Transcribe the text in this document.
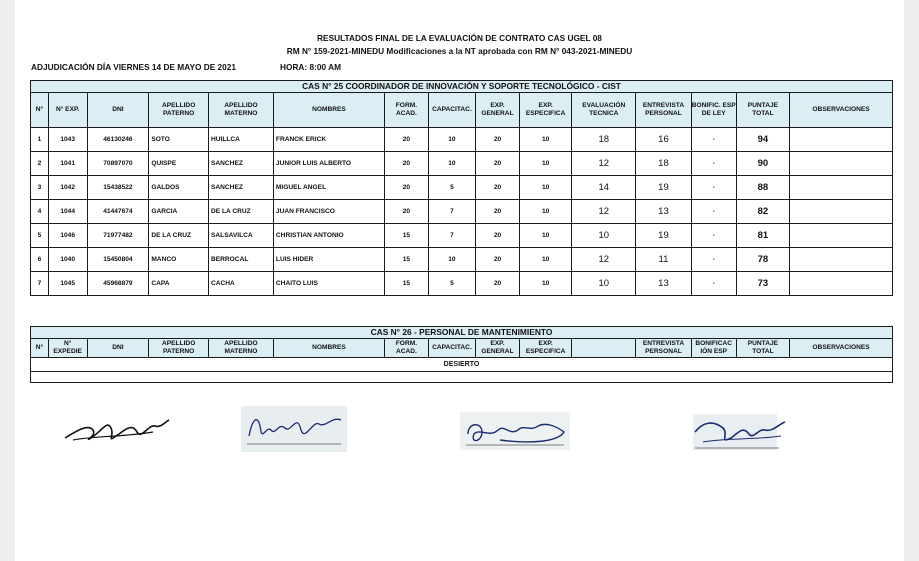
RESULTADOS FINAL DE LA EVALUACIÓN DE CONTRATO CAS UGEL 08
RM N° 159-2021-MINEDU Modificaciones a la NT aprobada con RM N° 043-2021-MINEDU
ADJUDICACIÓN DÍA VIERNES 14 DE MAYO DE 2021	HORA: 8:00 AM
CAS N° 25 COORDINADOR DE INNOVACIÓN Y SOPORTE TECNOLÓGICO - CIST														
N°	N° EXP.	DNI	APELLIDO PATERNO	APELLIDO MATERNO	NOMBRES	FORM. ACAD.	CAPACITAC.	EXP. GENERAL	EXP. ESPECIFICA	EVALUACIÓN TECNICA	ENTREVISTA PERSONAL	BONIFIC. ESP DE LEY	PUNTAJE TOTAL	OBSERVACIONES
1	1043	46130246	SOTO	HUILLCA	FRANCK ERICK	20	10	20	10	18	16	-	94	
2	1041	70897070	QUISPE	SANCHEZ	JUNIOR LUIS ALBERTO	20	10	20	10	12	18	-	90	
3	1042	15438522	GALDOS	SANCHEZ	MIGUEL ANGEL	20	5	20	10	14	19	-	88	
4	1044	41447674	GARCIA	DE LA CRUZ	JUAN FRANCISCO	20	7	20	10	12	13	-	82	
5	1046	71977482	DE LA CRUZ	SALSAVILCA	CHRISTIAN ANTONIO	15	7	20	10	10	19	-	81	
6	1040	15450804	MANCO	BERROCAL	LUIS HIDER	15	10	20	10	12	11	-	78	
7	1045	45968879	CAPA	CACHA	CHAITO LUIS	15	5	20	10	10	13	-	73	
CAS N° 26 - PERSONAL DE MANTENIMIENTO
N°	N° EXPEDIE	DNI	APELLIDO PATERNO	APELLIDO MATERNO	NOMBRES	FORM. ACAD.	CAPACITAC.	EXP. GENERAL	EXP. ESPECIFICA		ENTREVISTA PERSONAL	BONIFICAC IÓN ESP	PUNTAJE TOTAL	OBSERVACIONES
DESIERTO
